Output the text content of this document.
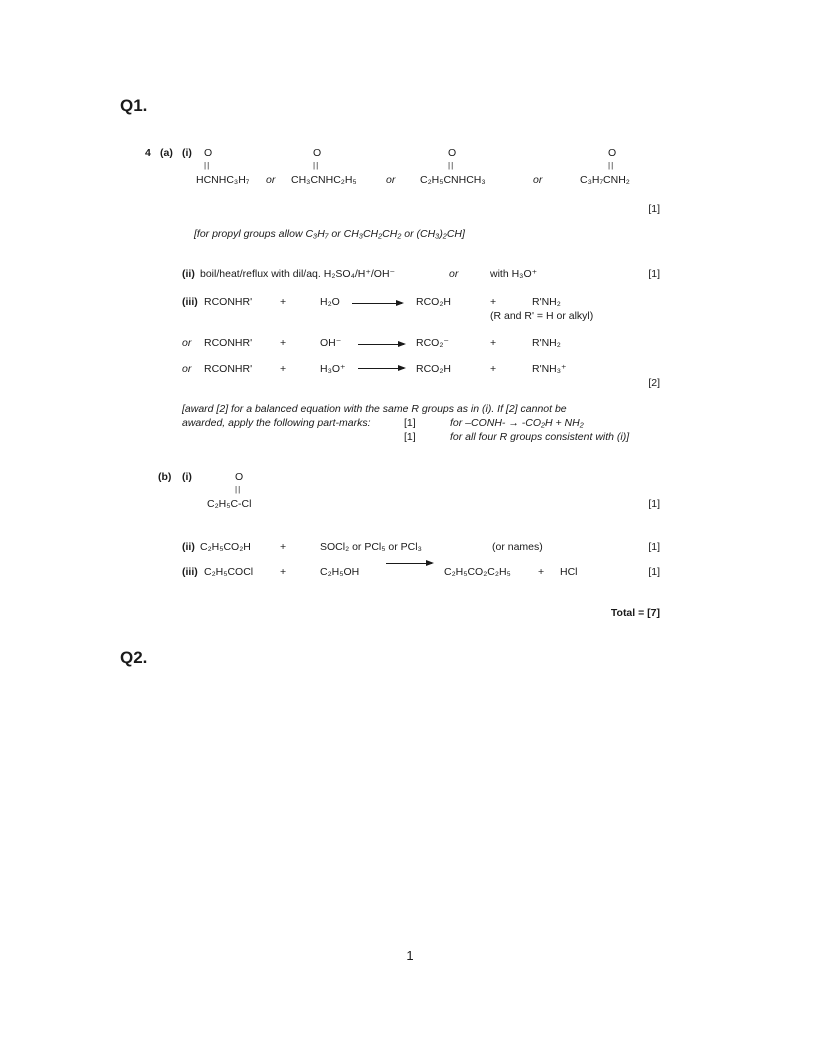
Q1.
Q2.
4 (a) (i) O
||
HCNHC₃H₇ or
O
||
CH₃CNHC₂H₅	or
O
||
C₂H₅CNHCH₃	or
O
||
C₃H₇CNH₂
[1]
[for propyl groups allow C₃H₇ or CH₃CH₂CH₂ or (CH₃)₂CH]
(ii) boil/heat/reflux with dil/aq. H₂SO₄/H⁺/OH⁻	or	with H₃O⁺	[1]
(iii) RCONHR'	+	H₂O → RCO₂H	+	R'NH₂
(R and R' = H or alkyl)
or RCONHR'	+	OH⁻ → RCO₂⁻	+	R'NH₂
or RCONHR'	+	H₃O⁺ → RCO₂H	+	R'NH₃⁺
[2]
[award [2] for a balanced equation with the same R groups as in (i). If [2] cannot be
awarded, apply the following part-marks:	[1]	for –CONH- → -CO₂H + NH₂
[1]	for all four R groups consistent with (i)]
(b) (i)	O
||
C₂H₅C-Cl	[1]
(ii) C₂H₅CO₂H	+	SOCl₂ or PCl₅ or PCl₃	(or names)	[1]
(iii) C₂H₅COCl	+	C₂H₅OH	C₂H₅CO₂C₂H₅	+ HCl	[1]
Total = [7]
1
